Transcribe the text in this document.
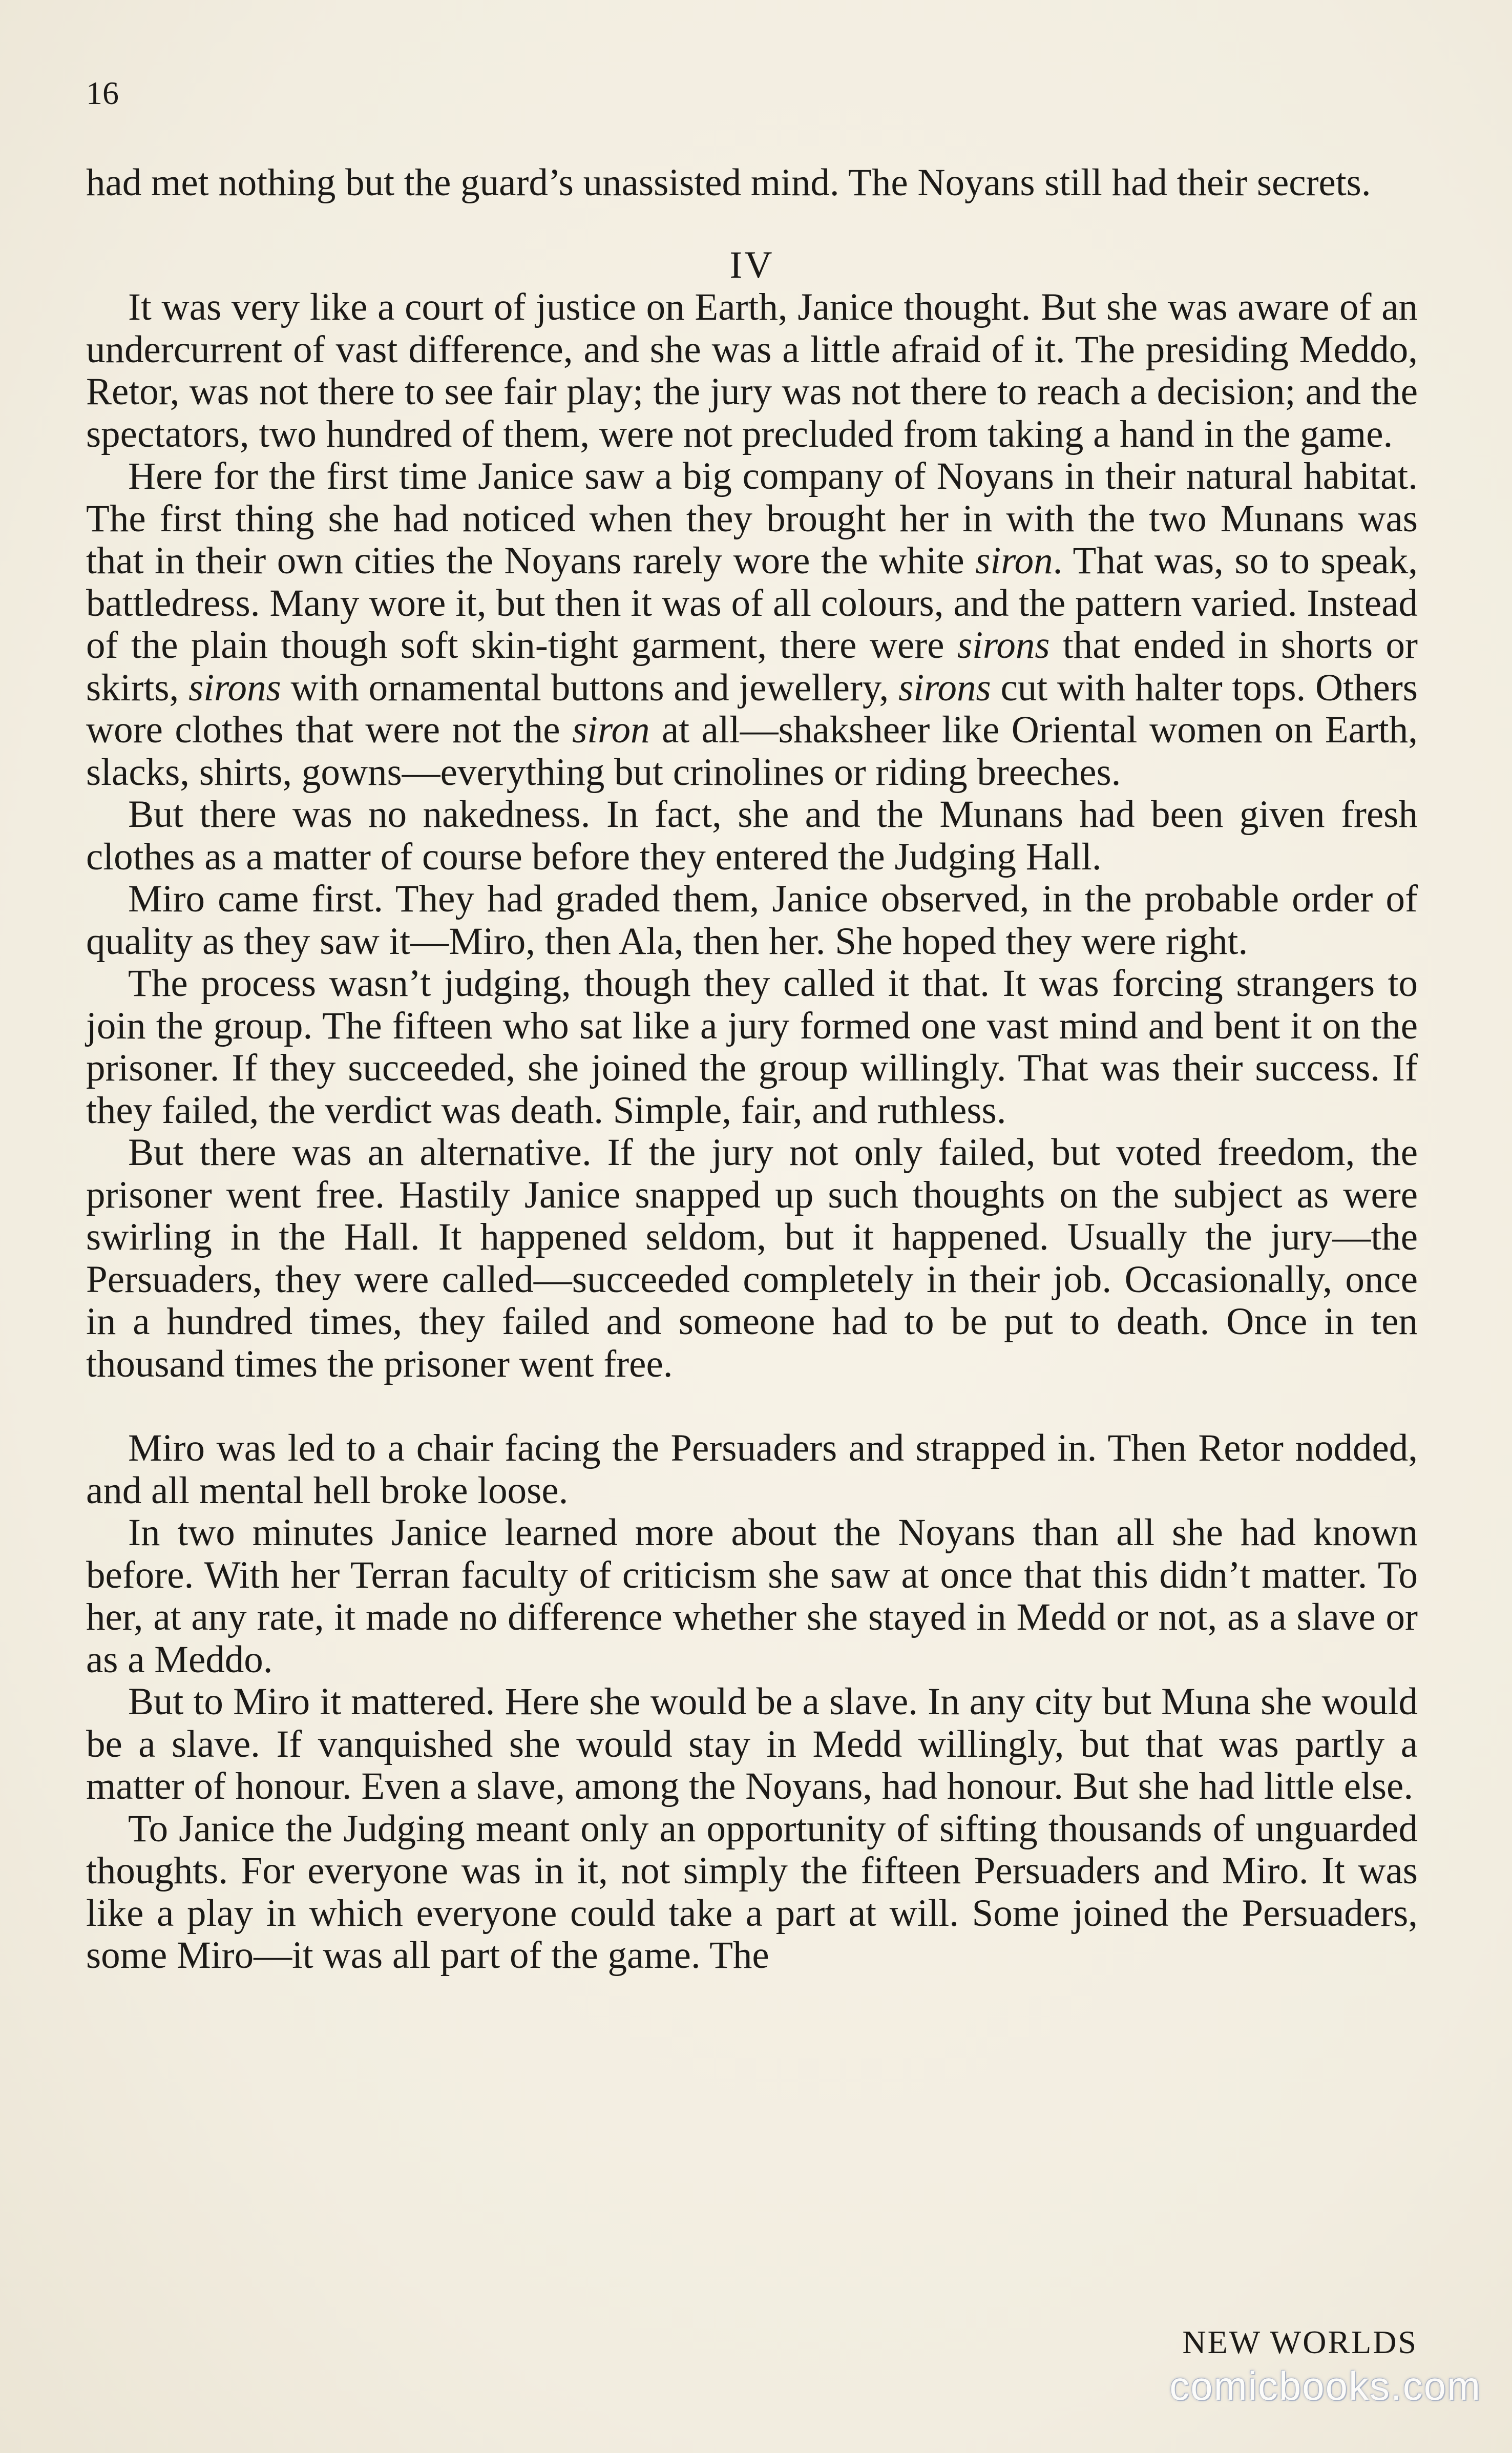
16

had met nothing but the guard’s unassisted mind. The Noyans still had their secrets.

IV

It was very like a court of justice on Earth, Janice thought. But she was aware of an undercurrent of vast difference, and she was a little afraid of it. The presiding Meddo, Retor, was not there to see fair play; the jury was not there to reach a decision; and the spectators, two hundred of them, were not precluded from taking a hand in the game.

Here for the first time Janice saw a big company of Noyans in their natural habitat. The first thing she had noticed when they brought her in with the two Munans was that in their own cities the Noyans rarely wore the white siron. That was, so to speak, battledress. Many wore it, but then it was of all colours, and the pattern varied. Instead of the plain though soft skin-tight garment, there were sirons that ended in shorts or skirts, sirons with ornamental buttons and jewellery, sirons cut with halter tops. Others wore clothes that were not the siron at all—shaksheer like Oriental women on Earth, slacks, shirts, gowns—everything but crinolines or riding breeches.

But there was no nakedness. In fact, she and the Munans had been given fresh clothes as a matter of course before they entered the Judging Hall.

Miro came first. They had graded them, Janice observed, in the probable order of quality as they saw it—Miro, then Ala, then her. She hoped they were right.

The process wasn’t judging, though they called it that. It was forcing strangers to join the group. The fifteen who sat like a jury formed one vast mind and bent it on the prisoner. If they succeeded, she joined the group willingly. That was their success. If they failed, the verdict was death. Simple, fair, and ruthless.

But there was an alternative. If the jury not only failed, but voted freedom, the prisoner went free. Hastily Janice snapped up such thoughts on the subject as were swirling in the Hall. It happened seldom, but it happened. Usually the jury—the Persuaders, they were called—succeeded completely in their job. Occasionally, once in a hundred times, they failed and someone had to be put to death. Once in ten thousand times the prisoner went free.

Miro was led to a chair facing the Persuaders and strapped in. Then Retor nodded, and all mental hell broke loose.

In two minutes Janice learned more about the Noyans than all she had known before. With her Terran faculty of criticism she saw at once that this didn’t matter. To her, at any rate, it made no difference whether she stayed in Medd or not, as a slave or as a Meddo.

But to Miro it mattered. Here she would be a slave. In any city but Muna she would be a slave. If vanquished she would stay in Medd willingly, but that was partly a matter of honour. Even a slave, among the Noyans, had honour. But she had little else.

To Janice the Judging meant only an opportunity of sifting thousands of unguarded thoughts. For everyone was in it, not simply the fifteen Persuaders and Miro. It was like a play in which everyone could take a part at will. Some joined the Persuaders, some Miro—it was all part of the game. The

NEW WORLDS
comicbooks.com
